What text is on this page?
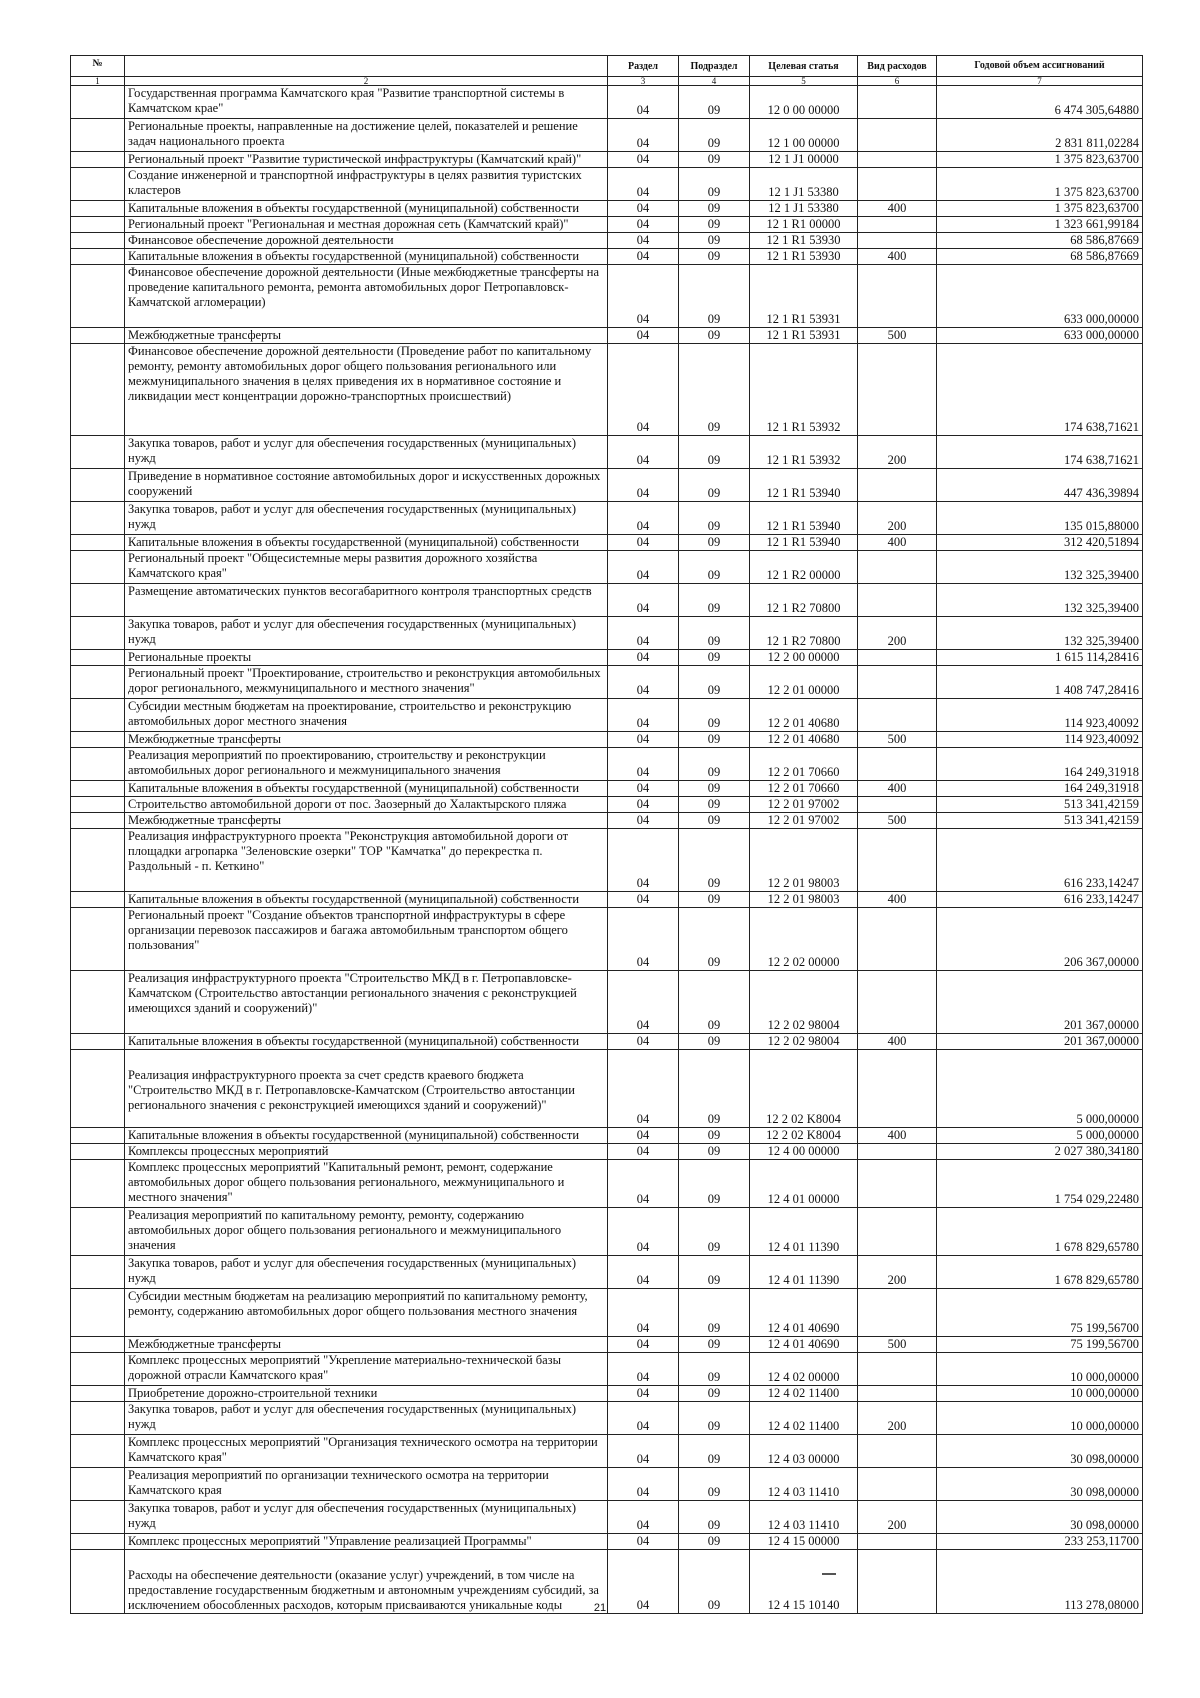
№		Раздел	Подраздел	Целевая статья	Вид расходов	Годовой объем ассигнований
1	2	3	4	5	6	7
	Государственная программа Камчатского края "Развитие транспортной системы в Камчатском крае"	04	09	12 0 00 00000		6 474 305,64880
	Региональные проекты, направленные на достижение целей, показателей и решение задач национального проекта	04	09	12 1 00 00000		2 831 811,02284
	Региональный проект "Развитие туристической инфраструктуры (Камчатский край)"	04	09	12 1 J1 00000		1 375 823,63700
	Создание инженерной и транспортной инфраструктуры в целях развития туристских кластеров	04	09	12 1 J1 53380		1 375 823,63700
	Капитальные вложения в объекты государственной (муниципальной) собственности	04	09	12 1 J1 53380	400	1 375 823,63700
	Региональный проект "Региональная и местная дорожная сеть (Камчатский край)"	04	09	12 1 R1 00000		1 323 661,99184
	Финансовое обеспечение дорожной деятельности	04	09	12 1 R1 53930		68 586,87669
	Капитальные вложения в объекты государственной (муниципальной) собственности	04	09	12 1 R1 53930	400	68 586,87669
	Финансовое обеспечение дорожной деятельности (Иные межбюджетные трансферты на проведение капитального ремонта, ремонта автомобильных дорог Петропавловск-Камчатской агломерации)	04	09	12 1 R1 53931		633 000,00000
	Межбюджетные трансферты	04	09	12 1 R1 53931	500	633 000,00000
	Финансовое обеспечение дорожной деятельности (Проведение работ по капитальному ремонту, ремонту автомобильных дорог общего пользования регионального или межмуниципального значения в целях приведения их в нормативное состояние и ликвидации мест концентрации дорожно-транспортных происшествий)	04	09	12 1 R1 53932		174 638,71621
	Закупка товаров, работ и услуг для обеспечения государственных (муниципальных) нужд	04	09	12 1 R1 53932	200	174 638,71621
	Приведение в нормативное состояние автомобильных дорог и искусственных дорожных сооружений	04	09	12 1 R1 53940		447 436,39894
	Закупка товаров, работ и услуг для обеспечения государственных (муниципальных) нужд	04	09	12 1 R1 53940	200	135 015,88000
	Капитальные вложения в объекты государственной (муниципальной) собственности	04	09	12 1 R1 53940	400	312 420,51894
	Региональный проект "Общесистемные меры развития дорожного хозяйства Камчатского края"	04	09	12 1 R2 00000		132 325,39400
	Размещение автоматических пунктов весогабаритного контроля транспортных средств	04	09	12 1 R2 70800		132 325,39400
	Закупка товаров, работ и услуг для обеспечения государственных (муниципальных) нужд	04	09	12 1 R2 70800	200	132 325,39400
	Региональные проекты	04	09	12 2 00 00000		1 615 114,28416
	Региональный проект "Проектирование, строительство и реконструкция автомобильных дорог регионального, межмуниципального и местного значения"	04	09	12 2 01 00000		1 408 747,28416
	Субсидии местным бюджетам на проектирование, строительство и реконструкцию автомобильных дорог местного значения	04	09	12 2 01 40680		114 923,40092
	Межбюджетные трансферты	04	09	12 2 01 40680	500	114 923,40092
	Реализация мероприятий по проектированию, строительству и реконструкции автомобильных дорог регионального и межмуниципального значения	04	09	12 2 01 70660		164 249,31918
	Капитальные вложения в объекты государственной (муниципальной) собственности	04	09	12 2 01 70660	400	164 249,31918
	Строительство автомобильной дороги от пос. Заозерный до Халактырского пляжа	04	09	12 2 01 97002		513 341,42159
	Межбюджетные трансферты	04	09	12 2 01 97002	500	513 341,42159
	Реализация инфраструктурного проекта "Реконструкция автомобильной дороги от площадки агропарка "Зеленовские озерки" ТОР "Камчатка" до перекрестка п. Раздольный - п. Кеткино"	04	09	12 2 01 98003		616 233,14247
	Капитальные вложения в объекты государственной (муниципальной) собственности	04	09	12 2 01 98003	400	616 233,14247
	Региональный проект "Создание объектов транспортной инфраструктуры в сфере организации перевозок пассажиров и багажа автомобильным транспортом общего пользования"	04	09	12 2 02 00000		206 367,00000
	Реализация инфраструктурного проекта "Строительство МКД в г. Петропавловске-Камчатском (Строительство автостанции регионального значения с реконструкцией имеющихся зданий и сооружений)"	04	09	12 2 02 98004		201 367,00000
	Капитальные вложения в объекты государственной (муниципальной) собственности	04	09	12 2 02 98004	400	201 367,00000
	Реализация инфраструктурного проекта за счет средств краевого бюджета "Строительство МКД в г. Петропавловске-Камчатском (Строительство автостанции регионального значения с реконструкцией имеющихся зданий и сооружений)"	04	09	12 2 02 K8004		5 000,00000
	Капитальные вложения в объекты государственной (муниципальной) собственности	04	09	12 2 02 K8004	400	5 000,00000
	Комплексы процессных мероприятий	04	09	12 4 00 00000		2 027 380,34180
	Комплекс процессных мероприятий "Капитальный ремонт, ремонт, содержание автомобильных дорог общего пользования регионального, межмуниципального и местного значения"	04	09	12 4 01 00000		1 754 029,22480
	Реализация мероприятий по капитальному ремонту, ремонту, содержанию автомобильных дорог общего пользования регионального и межмуниципального значения	04	09	12 4 01 11390		1 678 829,65780
	Закупка товаров, работ и услуг для обеспечения государственных (муниципальных) нужд	04	09	12 4 01 11390	200	1 678 829,65780
	Субсидии местным бюджетам на реализацию мероприятий по капитальному ремонту, ремонту, содержанию автомобильных дорог общего пользования местного значения	04	09	12 4 01 40690		75 199,56700
	Межбюджетные трансферты	04	09	12 4 01 40690	500	75 199,56700
	Комплекс процессных мероприятий "Укрепление материально-технической базы дорожной отрасли Камчатского края"	04	09	12 4 02 00000		10 000,00000
	Приобретение дорожно-строительной техники	04	09	12 4 02 11400		10 000,00000
	Закупка товаров, работ и услуг для обеспечения государственных (муниципальных) нужд	04	09	12 4 02 11400	200	10 000,00000
	Комплекс процессных мероприятий "Организация технического осмотра на территории Камчатского края"	04	09	12 4 03 00000		30 098,00000
	Реализация мероприятий по организации технического осмотра на территории Камчатского края	04	09	12 4 03 11410		30 098,00000
	Закупка товаров, работ и услуг для обеспечения государственных (муниципальных) нужд	04	09	12 4 03 11410	200	30 098,00000
	Комплекс процессных мероприятий "Управление реализацией Программы"	04	09	12 4 15 00000		233 253,11700
	Расходы на обеспечение деятельности (оказание услуг) учреждений, в том числе на предоставление государственным бюджетным и автономным учреждениям субсидий, за исключением обособленных расходов, которым присваиваются уникальные коды	04	09	12 4 15 10140		113 278,08000
21
